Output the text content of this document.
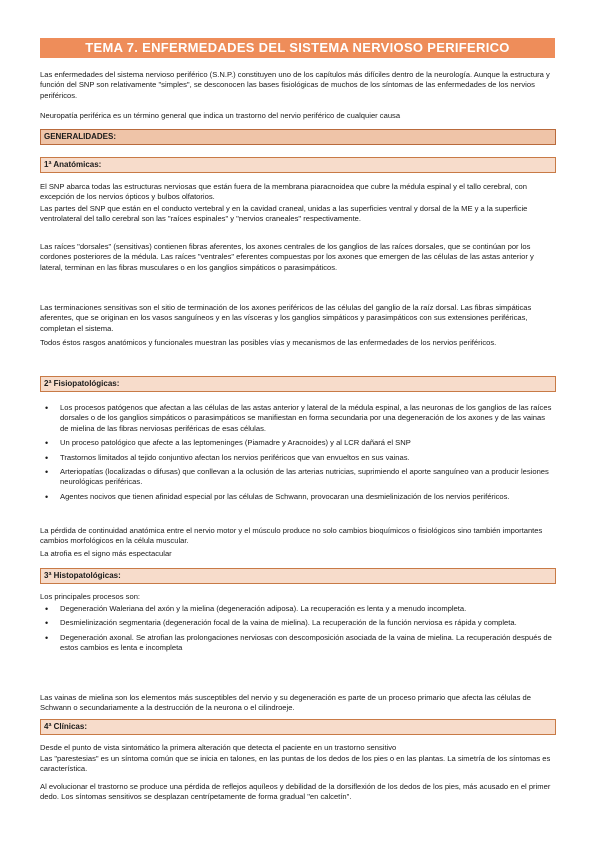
TEMA 7. ENFERMEDADES DEL SISTEMA NERVIOSO PERIFERICO

Las enfermedades del sistema nervioso periférico (S.N.P.) constituyen uno de los capítulos más difíciles dentro de la neurología. Aunque la estructura y función del SNP son relativamente "simples", se desconocen las bases fisiológicas de muchos de los síntomas de las enfermedades de los nervios periféricos.

Neuropatía periférica es un término general que indica un trastorno del nervio periférico de cualquier causa

GENERALIDADES:
1ª Anatómicas:

El SNP abarca todas las estructuras nerviosas que están fuera de la membrana piaracnoidea que cubre la médula espinal y el tallo cerebral, con excepción de los nervios ópticos y bulbos olfatorios.

Las partes del SNP que están en el conducto vertebral y en la cavidad craneal, unidas a las superficies ventral y dorsal de la ME y a la superficie ventrolateral del tallo cerebral son las "raíces espinales" y "nervios craneales" respectivamente.

Las raíces "dorsales" (sensitivas) contienen fibras aferentes, los axones centrales de los ganglios de las raíces dorsales, que se continúan por los cordones posteriores de la médula. Las raíces "ventrales" eferentes compuestas por los axones que emergen de las células de las astas anterior y lateral, terminan en las fibras musculares o en los ganglios simpáticos o parasimpáticos.

Las terminaciones sensitivas son el sitio de terminación de los axones periféricos de las células del ganglio de la raíz dorsal. Las fibras simpáticas aferentes, que se originan en los vasos sanguíneos y en las vísceras y los ganglios simpáticos y parasimpáticos con sus extensiones periféricas, completan el sistema.

Todos éstos rasgos anatómicos y funcionales muestran las posibles vías y mecanismos de las enfermedades de los nervios periféricos.

2ª Fisiopatológicas:
• Los procesos patógenos que afectan a las células de las astas anterior y lateral de la médula espinal, a las neuronas de los ganglios de las raíces dorsales o de los ganglios simpáticos o parasimpáticos se manifiestan en forma secundaria por una degeneración de los axones y de las vainas de mielina de las fibras nerviosas periféricas de esas células.
• Un proceso patológico que afecte a las leptomeninges (Piamadre y Aracnoides) y al LCR dañará el SNP
• Trastornos limitados al tejido conjuntivo afectan los nervios periféricos que van envueltos en sus vainas.
• Arteriopatías (localizadas o difusas) que conllevan a la oclusión de las arterias nutricias, suprimiendo el aporte sanguíneo van a producir lesiones neurológicas periféricas.
• Agentes nocivos que tienen afinidad especial por las células de Schwann, provocaran una desmielinización de los nervios periféricos.

La pérdida de continuidad anatómica entre el nervio motor y el músculo produce no solo cambios bioquímicos o fisiológicos sino también importantes cambios morfológicos en la célula muscular.

La atrofia es el signo más espectacular

3ª Histopatológicas:

Los principales procesos son:

• Degeneración Waleriana del axón y la mielina (degeneración adiposa). La recuperación es lenta y a menudo incompleta.
• Desmielinización segmentaria (degeneración focal de la vaina de mielina). La recuperación de la función nerviosa es rápida y completa.
• Degeneración axonal. Se atrofian las prolongaciones nerviosas con descomposición asociada de la vaina de mielina. La recuperación después de estos cambios es lenta e incompleta

Las vainas de mielina son los elementos más susceptibles del nervio y su degeneración es parte de un proceso primario que afecta las células de Schwann o secundariamente a la destrucción de la neurona o el cilindroeje.

4ª Clínicas:

Desde el punto de vista sintomático la primera alteración que detecta el paciente en un trastorno sensitivo

Las "parestesias" es un síntoma común que se inicia en talones, en las puntas de los dedos de los pies o en las plantas. La simetría de los síntomas es característica.

Al evolucionar el trastorno se produce una pérdida de reflejos aquíleos y debilidad de la dorsiflexión de los dedos de los pies, más acusado en el primer dedo. Los síntomas sensitivos se desplazan centrípetamente de forma gradual "en calcetín".
